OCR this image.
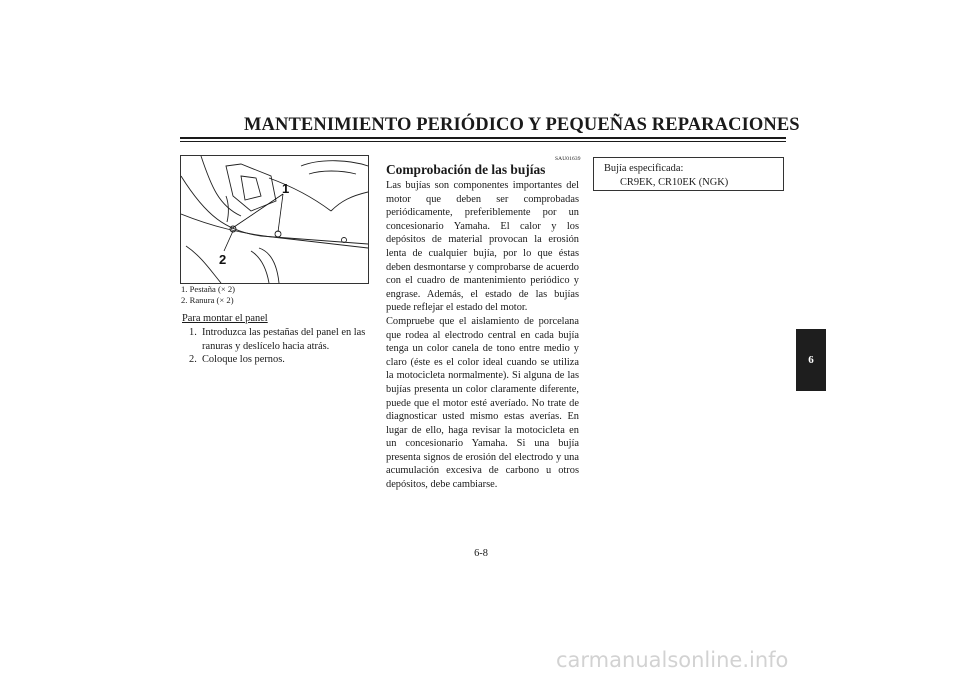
MANTENIMIENTO PERIÓDICO Y PEQUEÑAS REPARACIONES
1
2
1. Pestaña (× 2)
2. Ranura (× 2)
Para montar el panel
1. Introduzca las pestañas del panel en las ranuras y deslícelo hacia atrás.
2. Coloque los pernos.
SAU01639
Comprobación de las bujías

Las bujías son componentes importantes del motor que deben ser comprobadas periódicamente, preferiblemente por un concesionario Yamaha. El calor y los depósitos de material provocan la erosión lenta de cualquier bujía, por lo que éstas deben desmontarse y comprobarse de acuerdo con el cuadro de mantenimiento periódico y engrase. Además, el estado de las bujías puede reflejar el estado del motor.

Compruebe que el aislamiento de porcelana que rodea al electrodo central en cada bujía tenga un color canela de tono entre medio y claro (éste es el color ideal cuando se utiliza la motocicleta normalmente). Si alguna de las bujías presenta un color claramente diferente, puede que el motor esté averíado. No trate de diagnosticar usted mismo estas averías. En lugar de ello, haga revisar la motocicleta en un concesionario Yamaha. Si una bujía presenta signos de erosión del electrodo y una acumulación excesiva de carbono u otros depósitos, debe cambiarse.

Bujía especificada:
CR9EK, CR10EK (NGK)
6
6-8
carmanualsonline.info
